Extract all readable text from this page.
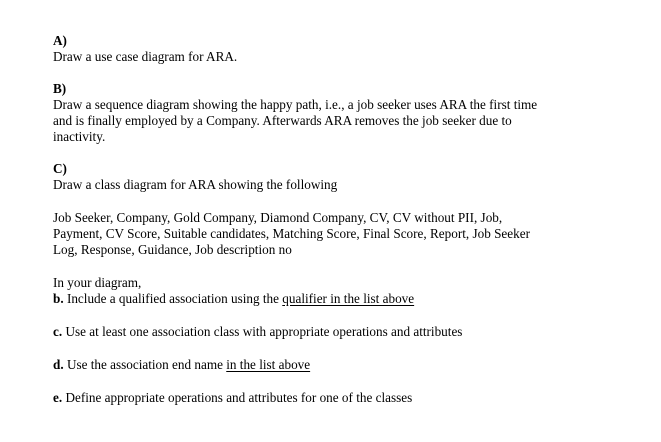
A)
Draw a use case diagram for ARA.
B)
Draw a sequence diagram showing the happy path, i.e., a job seeker uses ARA the first time
and is finally employed by a Company. Afterwards ARA removes the job seeker due to
inactivity.
C)
Draw a class diagram for ARA showing the following
Job Seeker, Company, Gold Company, Diamond Company, CV, CV without PII, Job,
Payment, CV Score, Suitable candidates, Matching Score, Final Score, Report, Job Seeker
Log, Response, Guidance, Job description no
In your diagram,
b. Include a qualified association using the qualifier in the list above
c. Use at least one association class with appropriate operations and attributes
d. Use the association end name in the list above
e. Define appropriate operations and attributes for one of the classes
